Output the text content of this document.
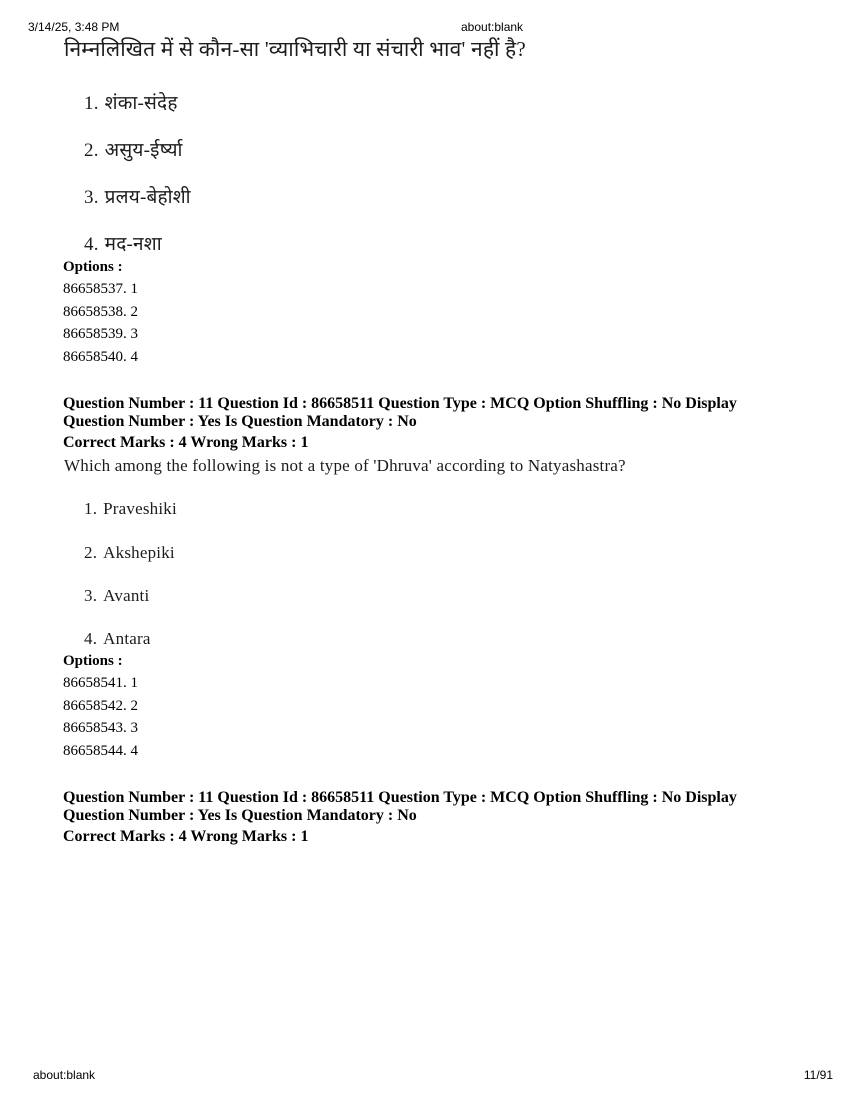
3/14/25, 3:48 PM	about:blank
निम्नलिखित में से कौन-सा 'व्याभिचारी या संचारी भाव' नहीं है?
1. शंका-संदेह
2. असुय-ईर्ष्या
3. प्रलय-बेहोशी
4. मद-नशा
Options :
86658537. 1
86658538. 2
86658539. 3
86658540. 4

Question Number : 11 Question Id : 86658511 Question Type : MCQ Option Shuffling : No Display Question Number : Yes Is Question Mandatory : No

Correct Marks : 4 Wrong Marks : 1

Which among the following is not a type of 'Dhruva' according to Natyashastra?
1. Praveshiki
2. Akshepiki
3. Avanti
4. Antara
Options :
86658541. 1
86658542. 2
86658543. 3
86658544. 4

Question Number : 11 Question Id : 86658511 Question Type : MCQ Option Shuffling : No Display Question Number : Yes Is Question Mandatory : No

Correct Marks : 4 Wrong Marks : 1

about:blank	11/91
